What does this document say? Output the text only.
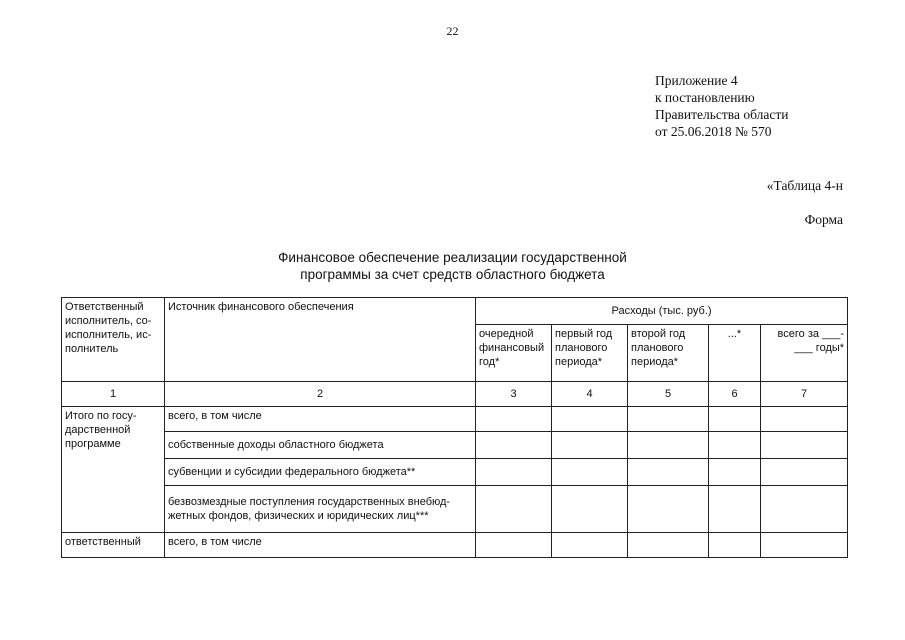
22
Приложение 4
к постановлению
Правительства области
от 25.06.2018 № 570
«Таблица 4-н
Форма
Финансовое обеспечение реализации государственной
программы за счет средств областного бюджета
Ответственный исполнитель, со-исполнитель, ис-полнитель	Источник финансового обеспечения	Расходы (тыс. руб.)				
		очередной финансовый год*	первый год планового периода*	второй год планового периода*	...*	всего за ___-___ годы*
1	2	3	4	5	6	7
Итого по госу-дарственной программе	всего, в том числе					
	собственные доходы областного бюджета					
	субвенции и субсидии федерального бюджета**					
	безвозмездные поступления государственных внебюд-жетных фондов, физических и юридических лиц***					
ответственный	всего, в том числе					
